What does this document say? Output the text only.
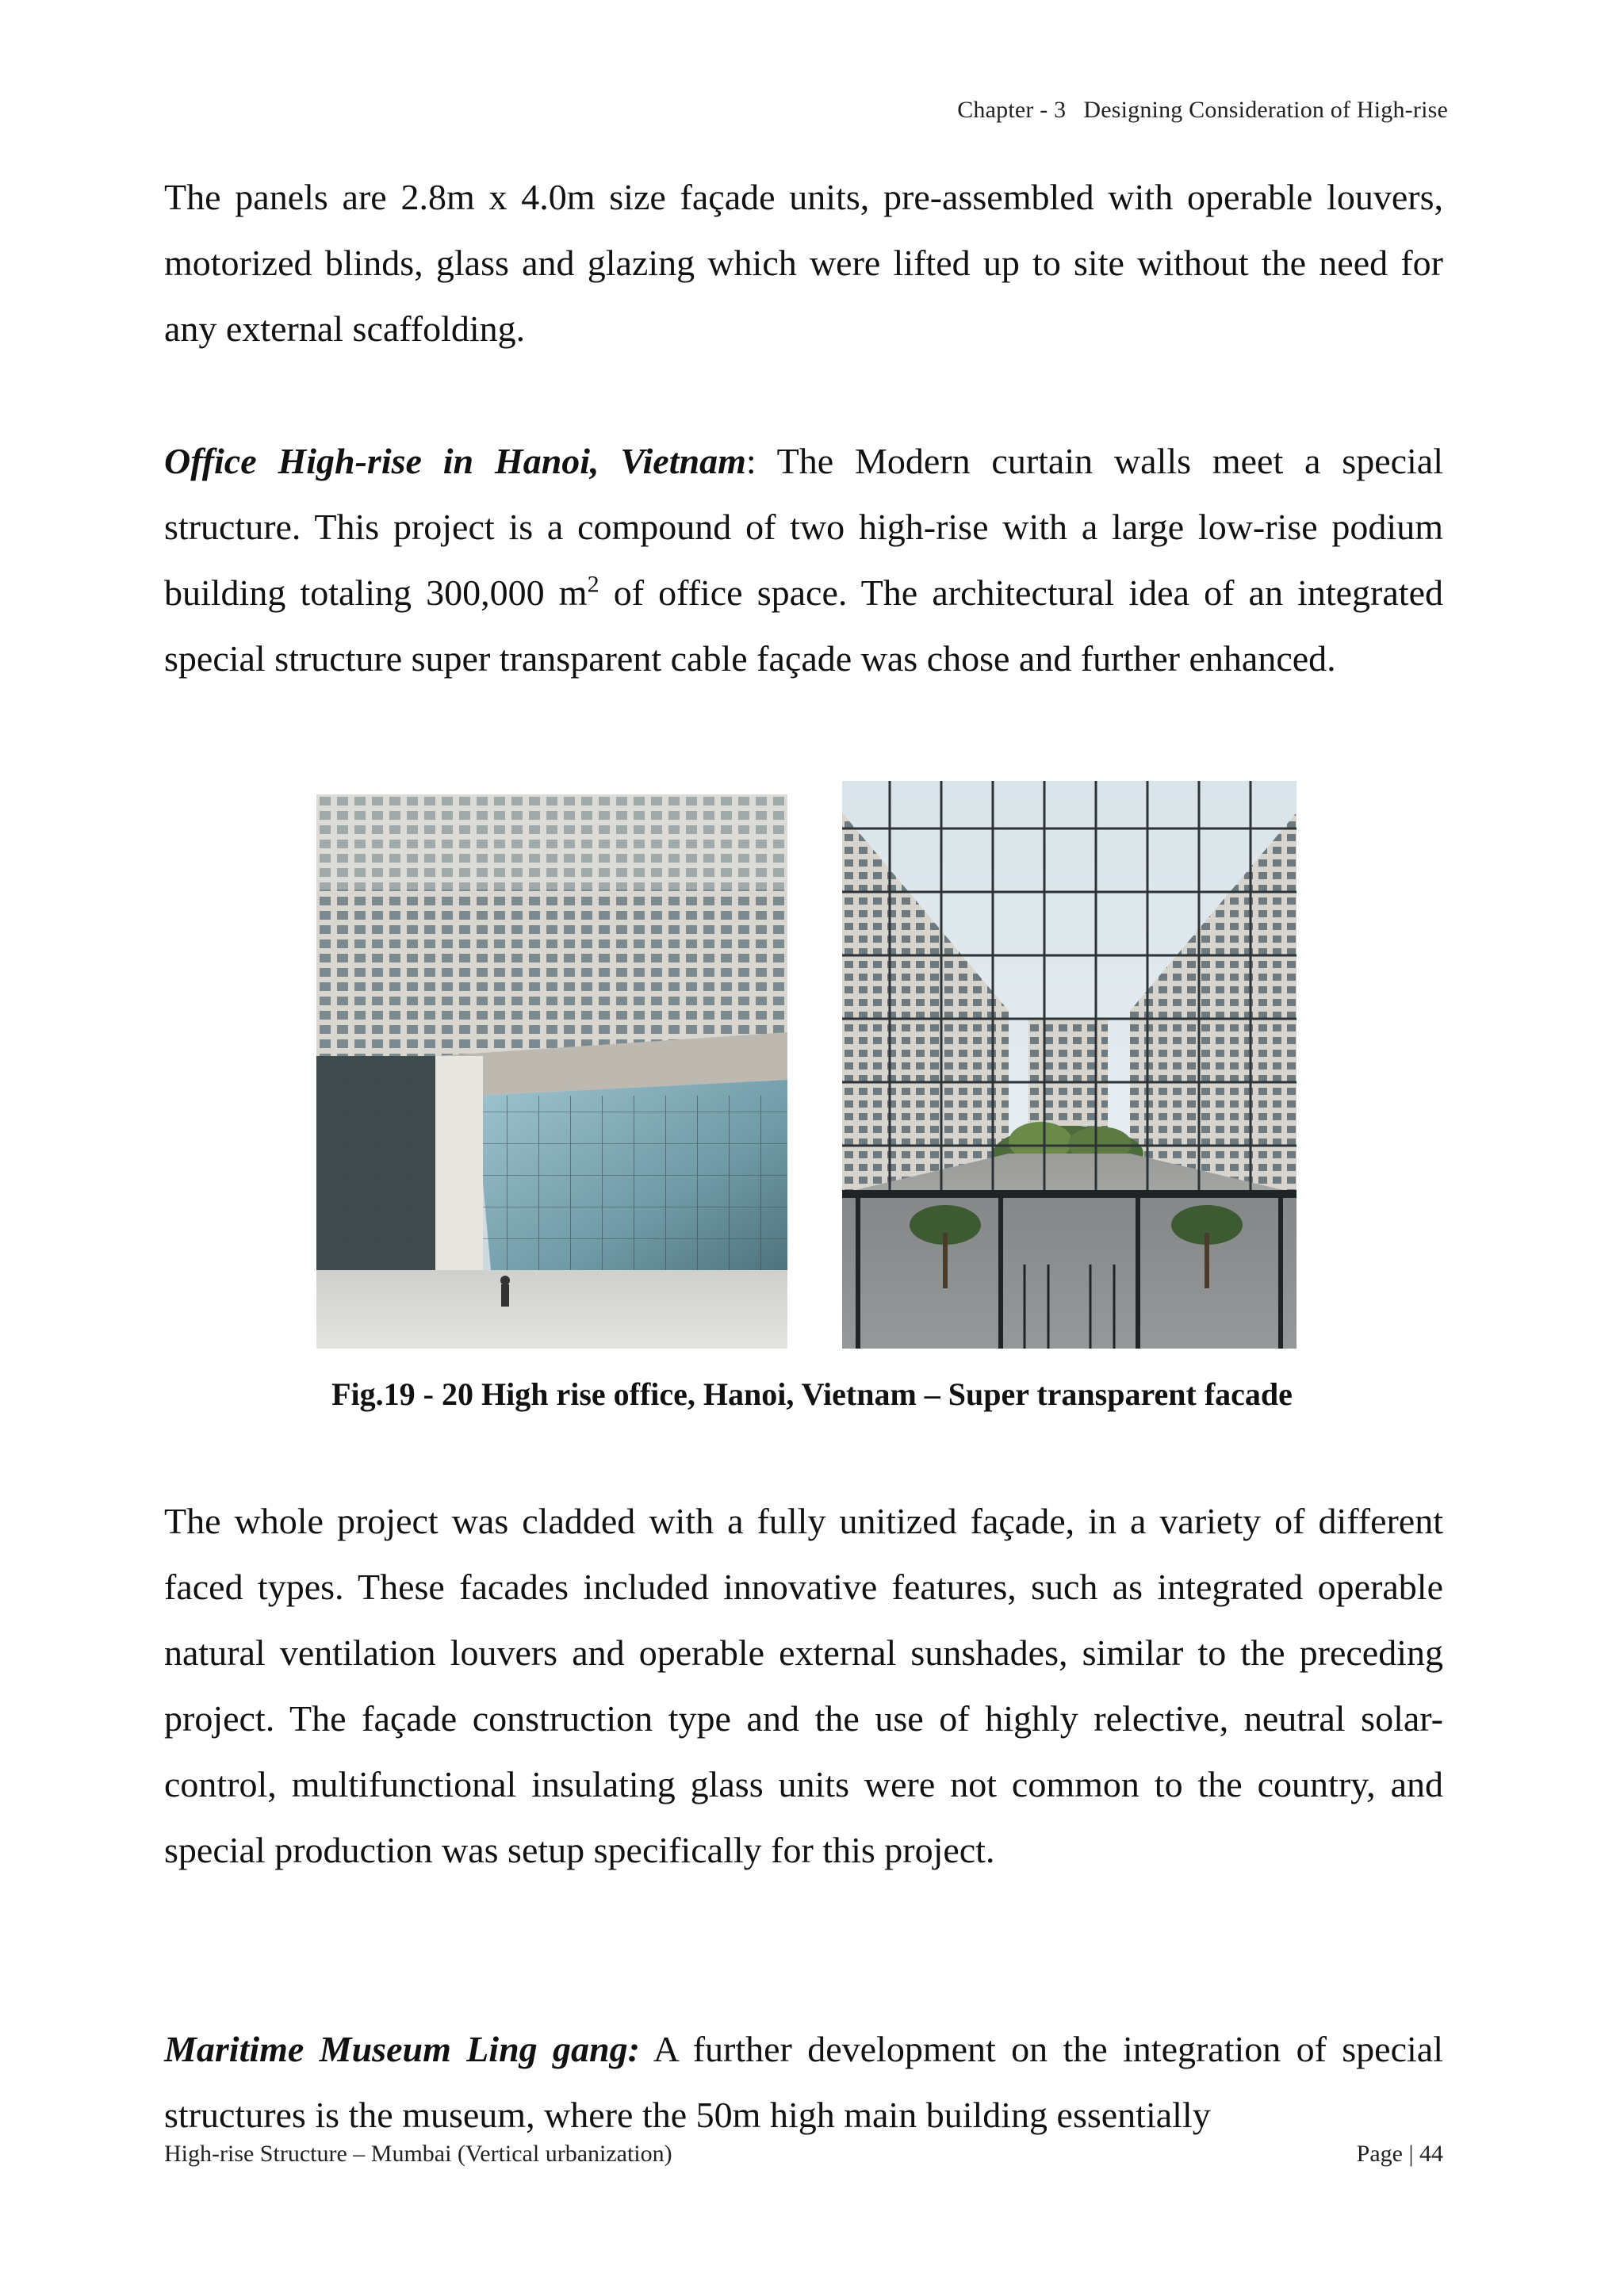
Chapter - 3 Designing Consideration of High-rise

The panels are 2.8m x 4.0m size façade units, pre-assembled with operable louvers, motorized blinds, glass and glazing which were lifted up to site without the need for any external scaffolding.

Office High-rise in Hanoi, Vietnam: The Modern curtain walls meet a special structure. This project is a compound of two high-rise with a large low-rise podium building totaling 300,000 $m^2$ of office space. The architectural idea of an integrated special structure super transparent cable façade was chose and further enhanced.

Fig.19 - 20 High rise office, Hanoi, Vietnam – Super transparent facade

The whole project was cladded with a fully unitized façade, in a variety of different faced types. These facades included innovative features, such as integrated operable natural ventilation louvers and operable external sunshades, similar to the preceding project. The façade construction type and the use of highly relective, neutral solar-control, multifunctional insulating glass units were not common to the country, and special production was setup specifically for this project.

Maritime Museum Ling gang: A further development on the integration of special structures is the museum, where the 50m high main building essentially

High-rise Structure – Mumbai (Vertical urbanization)	Page | 44
